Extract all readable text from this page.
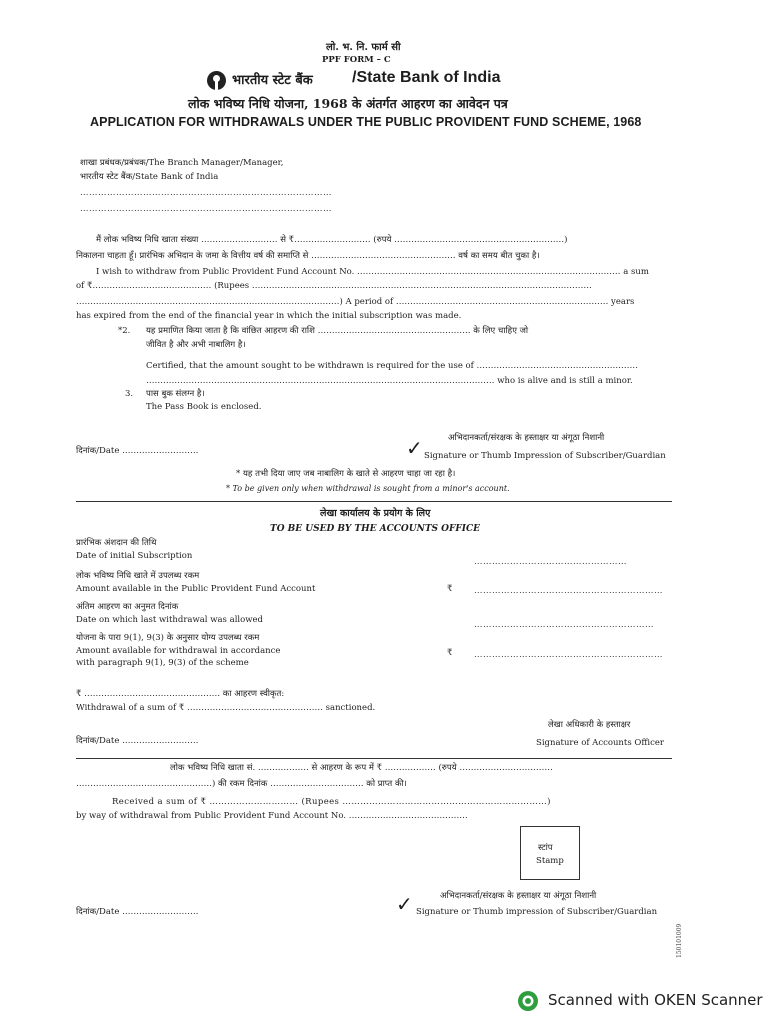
लो. भ. नि. फार्म सी
PPF FORM – C
भारतीय स्टेट बैंक /State Bank of India
लोक भविष्य निधि योजना, 1968 के अंतर्गत आहरण का आवेदन पत्र
APPLICATION FOR WITHDRAWALS UNDER THE PUBLIC PROVIDENT FUND SCHEME, 1968
शाखा प्रबंधक/प्रबंधक/The Branch Manager/Manager,
भारतीय स्टेट बैंक/State Bank of India
…………………………………………………………………………
…………………………………………………………………………
मैं लोक भविष्य निधि खाता संख्या ……………………… से ₹……………………… (रुपये ……………………………………………………)
निकालना चाहता हूँ। प्रारंभिक अभिदान के जमा के वित्तीय वर्ष की समाप्ति से …………………………………………… वर्ष का समय बीत चुका है।
I wish to withdraw from Public Provident Fund Account No. ………………………………………………………………………………… a sum
of ₹…………………………………… (Rupees …………………………………………………………………………………………………………
…………………………………………………………………………………) A period of ………………………………………………………………… years
has expired from the end of the financial year in which the initial subscription was made.
*2. यह प्रमाणित किया जाता है कि वांछित आहरण की राशि ……………………………………………… के लिए चाहिए जो
जीवित है और अभी नाबालिग है।
Certified, that the amount sought to be withdrawn is required for the use of …………………………………………………
…………………………………………………………………………………………………………… who is alive and is still a minor.
3. पास बुक संलग्न है।
The Pass Book is enclosed.
दिनांक/Date ………………………	✓	अभिदानकर्ता/संरक्षक के हस्ताक्षर या अंगूठा निशानी
Signature or Thumb Impression of Subscriber/Guardian
* यह तभी दिया जाए जब नाबालिग के खाते से आहरण चाहा जा रहा है।
* To be given only when withdrawal is sought from a minor's account.
लेखा कार्यालय के प्रयोग के लिए
TO BE USED BY THE ACCOUNTS OFFICE
प्रारंभिक अंशदान की तिथि
Date of initial Subscription
……………………………………………
लोक भविष्य निधि खाते में उपलब्ध रकम
Amount available in the Public Provident Fund Account	₹	………………………………………………………
अंतिम आहरण का अनुमत दिनांक
Date on which last withdrawal was allowed	……………………………………………………
योजना के पारा 9(1), 9(3) के अनुसार योग्य उपलब्ध रकम
Amount available for withdrawal in accordance
with paragraph 9(1), 9(3) of the scheme
₹	………………………………………………………
₹ ………………………………………… का आहरण स्वीकृत:
Withdrawal of a sum of ₹ ………………………………………… sanctioned.
लेखा अधिकारी के हस्ताक्षर
दिनांक/Date ………………………	Signature of Accounts Officer
लोक भविष्य निधि खाता सं. ……………… से आहरण के रूप में ₹ ……………… (रुपये ……………………………
…………………………………………) की रकम दिनांक …………………………… को प्राप्त की।
Received a sum of ₹ ………………………… (Rupees ……………………………………………………………)
by way of withdrawal from Public Provident Fund Account No. ……………………………………
स्टांप
Stamp
✓	अभिदानकर्ता/संरक्षक के हस्ताक्षर या अंगूठा निशानी
दिनांक/Date ………………………	Signature or Thumb impression of Subscriber/Guardian
150101009
Scanned with OKEN Scanner
